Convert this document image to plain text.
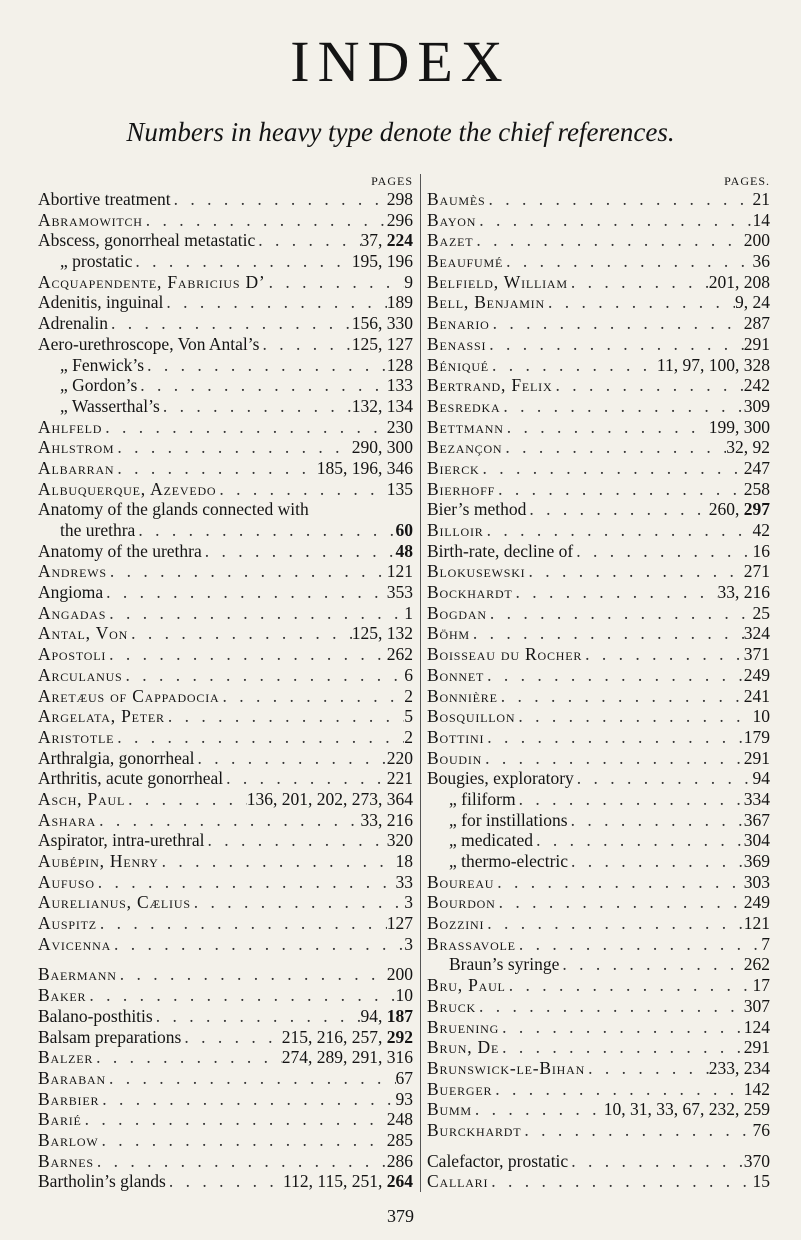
INDEX
Numbers in heavy type denote the chief references.
PAGES
Abortive treatment . . .	298
Abramowitch . . .	296
Abscess, gonorrheal metastatic . . .	37, 224
„ prostatic . . .	195, 196
Acquapendente, Fabricius D’ . . .	9
Adenitis, inguinal . . .	189
Adrenalin . . .	156, 330
Aero-urethroscope, Von Antal’s . . .	125, 127
„ Fenwick’s . . .	128
„ Gordon’s . . .	133
„ Wasserthal’s . . .	132, 134
Ahlfeld . . .	230
Ahlstrom . . .	290, 300
Albarran . . .	185, 196, 346
Albuquerque, Azevedo . . .	135
Anatomy of the glands connected with
the urethra . . .	60
Anatomy of the urethra . . .	48
Andrews . . .	121
Angioma . . .	353
Angadas . . .	1
Antal, Von . . .	125, 132
Apostoli . . .	262
Arculanus . . .	6
Aretæus of Cappadocia . . .	2
Argelata, Peter . . .	5
Aristotle . . .	2
Arthralgia, gonorrheal . . .	220
Arthritis, acute gonorrheal . . .	221
Asch, Paul . . .	136, 201, 202, 273, 364
Ashara . . .	33, 216
Aspirator, intra-urethral . . .	320
Aubépin, Henry . . .	18
Aufuso . . .	33
Aurelianus, Cælius . . .	3
Auspitz . . .	127
Avicenna . . .	3
Baermann . . .	200
Baker . . .	10
Balano-posthitis . . .	94, 187
Balsam preparations . . .	215, 216, 257, 292
Balzer . . .	274, 289, 291, 316
Baraban . . .	67
Barbier . . .	93
Barié . . .	248
Barlow . . .	285
Barnes . . .	286
Bartholin’s glands . . .	112, 115, 251, 264
PAGES.
Baumès . . .	21
Bayon . . .	14
Bazet . . .	200
Beaufumé . . .	36
Belfield, William . . .	201, 208
Bell, Benjamin . . .	9, 24
Benario . . .	287
Benassi . . .	291
Béniqué . . .	11, 97, 100, 328
Bertrand, Felix . . .	242
Besredka . . .	309
Bettmann . . .	199, 300
Bezançon . . .	32, 92
Bierck . . .	247
Bierhoff . . .	258
Bier’s method . . .	260, 297
Billoir . . .	42
Birth-rate, decline of . . .	16
Blokusewski . . .	271
Bockhardt . . .	33, 216
Bogdan . . .	25
Böhm . . .	324
Boisseau du Rocher . . .	371
Bonnet . . .	249
Bonnière . . .	241
Bosquillon . . .	10
Bottini . . .	179
Boudin . . .	291
Bougies, exploratory . . .	94
„ filiform . . .	334
„ for instillations . . .	367
„ medicated . . .	304
„ thermo-electric . . .	369
Boureau . . .	303
Bourdon . . .	249
Bozzini . . .	121
Brassavole . . .	7
Braun’s syringe . . .	262
Bru, Paul . . .	17
Bruck . . .	307
Bruening . . .	124
Brun, De . . .	291
Brunswick-le-Bihan . . .	233, 234
Buerger . . .	142
Bumm . . .	10, 31, 33, 67, 232, 259
Burckhardt . . .	76
Calefactor, prostatic . . .	370
Callari . . .	15
379
